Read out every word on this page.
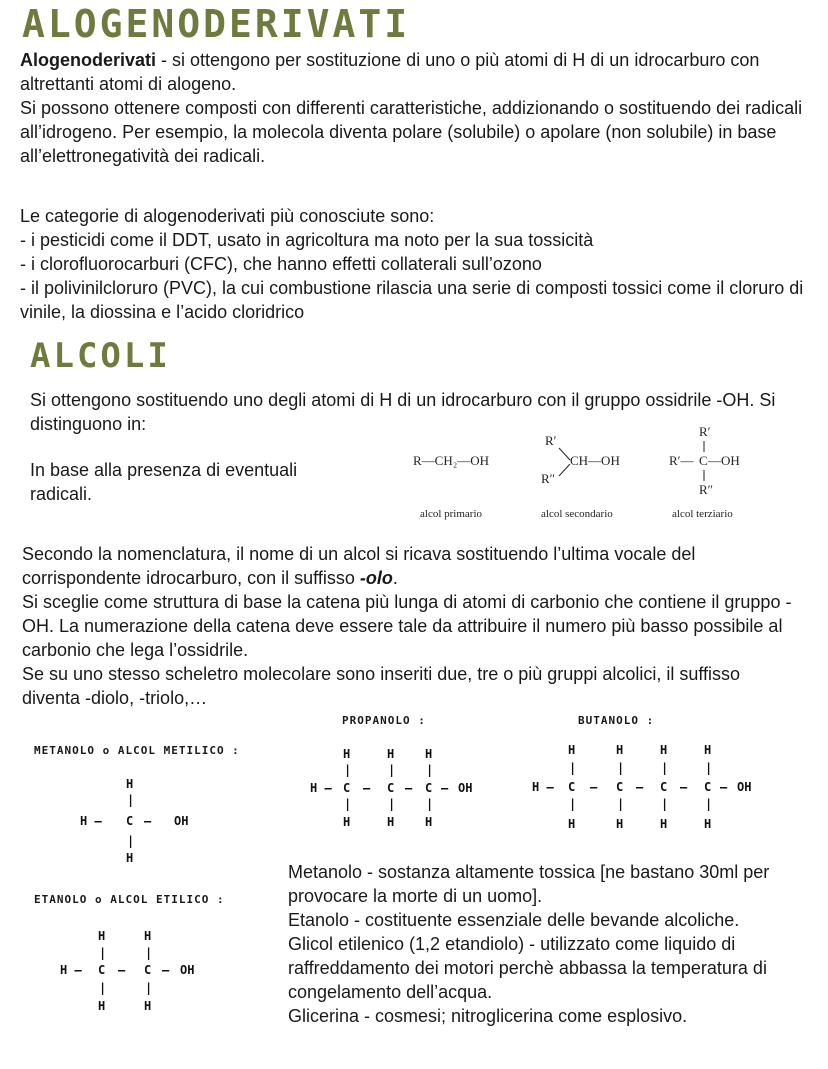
ALOGENODERIVATI

Alogenoderivati - si ottengono per sostituzione di uno o più atomi di H di un idrocarburo con altrettanti atomi di alogeno.

Si possono ottenere composti con differenti caratteristiche, addizionando o sostituendo dei radicali all’idrogeno. Per esempio, la molecola diventa polare (solubile) o apolare (non solubile) in base all’elettronegatività dei radicali.

Le categorie di alogenoderivati più conosciute sono:

- i pesticidi come il DDT, usato in agricoltura ma noto per la sua tossicità

- i clorofluorocarburi (CFC), che hanno effetti collaterali sull’ozono

- il polivinilcloruro (PVC), la cui combustione rilascia una serie di composti tossici come il cloruro di vinile, la diossina e l’acido cloridrico

ALCOLI

Si ottengono sostituendo uno degli atomi di H di un idrocarburo con il gruppo ossidrile -OH. Si distinguono in:

In base alla presenza di eventuali radicali.

R—CH₂—OH
R′
R″
CH—OH
R′
R′— C —OH
R″
alcol primario	alcol secondario	alcol terziario

Secondo la nomenclatura, il nome di un alcol si ricava sostituendo l’ultima vocale del corrispondente idrocarburo, con il suffisso -olo.

Si sceglie come struttura di base la catena più lunga di atomi di carbonio che contiene il gruppo -OH. La numerazione della catena deve essere tale da attribuire il numero più basso possibile al carbonio che lega l’ossidrile.

Se su uno stesso scheletro molecolare sono inseriti due, tre o più gruppi alcolici, il suffisso diventa -diolo, -triolo,…

PROPANOLO :	BUTANOLO :
METANOLO o ALCOL METILICO :
ETANOLO o ALCOL ETILICO :
H
|
H — C — OH
|
H
H	H	H
|	|	|
H — C — C — C — OH
|	|	|
H	H	H
H	H	H	H
|	|	|	|
H — C — C — C — C — OH
|	|	|	|
H	H	H	H
H	H
|	|
H — C — C — OH
|	|
H	H

Metanolo - sostanza altamente tossica [ne bastano 30ml per provocare la morte di un uomo].

Etanolo - costituente essenziale delle bevande alcoliche.

Glicol etilenico (1,2 etandiolo) - utilizzato come liquido di raffreddamento dei motori perchè abbassa la temperatura di congelamento dell’acqua.

Glicerina - cosmesi; nitroglicerina come esplosivo.
